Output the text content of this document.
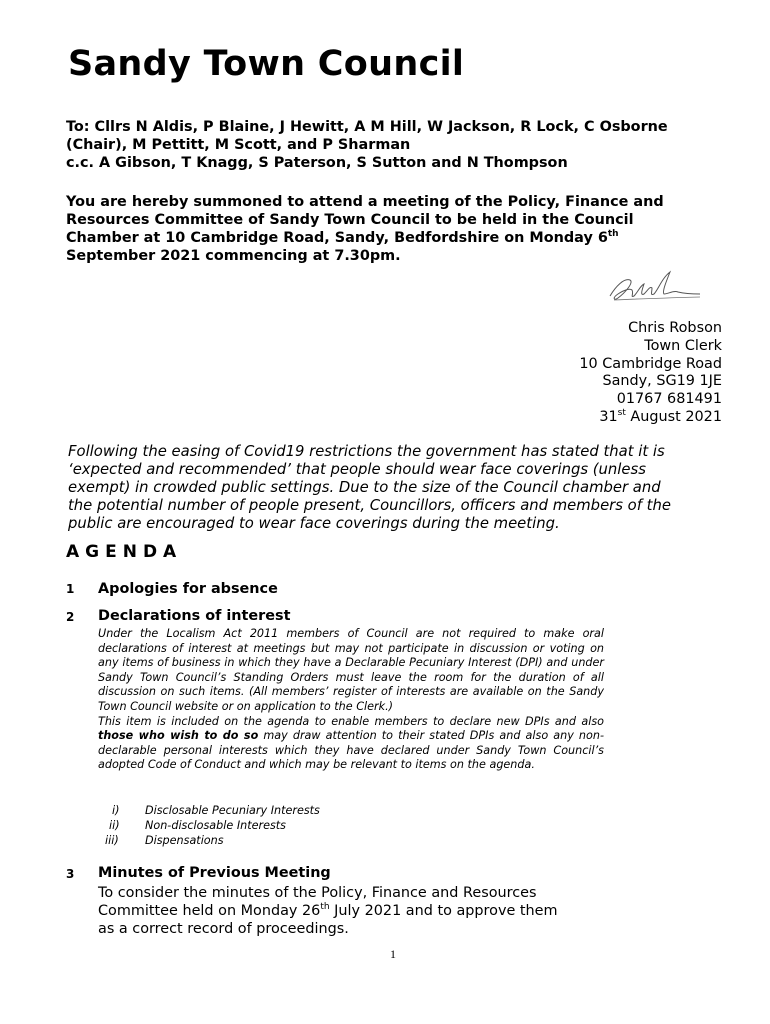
Sandy Town Council
To: Cllrs N Aldis, P Blaine, J Hewitt, A M Hill, W Jackson, R Lock, C Osborne
(Chair), M Pettitt, M Scott, and P Sharman
c.c. A Gibson, T Knagg, S Paterson, S Sutton and N Thompson
You are hereby summoned to attend a meeting of the Policy, Finance and
Resources Committee of Sandy Town Council to be held in the Council
Chamber at 10 Cambridge Road, Sandy, Bedfordshire on Monday 6th
September 2021 commencing at 7.30pm.
Chris Robson
Town Clerk
10 Cambridge Road
Sandy, SG19 1JE
01767 681491
31st August 2021
Following the easing of Covid19 restrictions the government has stated that it is
‘expected and recommended’ that people should wear face coverings (unless
exempt) in crowded public settings. Due to the size of the Council chamber and
the potential number of people present, Councillors, officers and members of the
public are encouraged to wear face coverings during the meeting.
AGENDA
1 Apologies for absence
2 Declarations of interest
Under the Localism Act 2011 members of Council are not required to make oral declarations of interest at meetings but may not participate in discussion or voting on any items of business in which they have a Declarable Pecuniary Interest (DPI) and under Sandy Town Council’s Standing Orders must leave the room for the duration of all discussion on such items. (All members’ register of interests are available on the Sandy Town Council website or on application to the Clerk.)
This item is included on the agenda to enable members to declare new DPIs and also those who wish to do so may draw attention to their stated DPIs and also any non-declarable personal interests which they have declared under Sandy Town Council’s adopted Code of Conduct and which may be relevant to items on the agenda.
i) Disclosable Pecuniary Interests
ii) Non-disclosable Interests
iii) Dispensations
3 Minutes of Previous Meeting
To consider the minutes of the Policy, Finance and Resources
Committee held on Monday 26th July 2021 and to approve them
as a correct record of proceedings.
1
